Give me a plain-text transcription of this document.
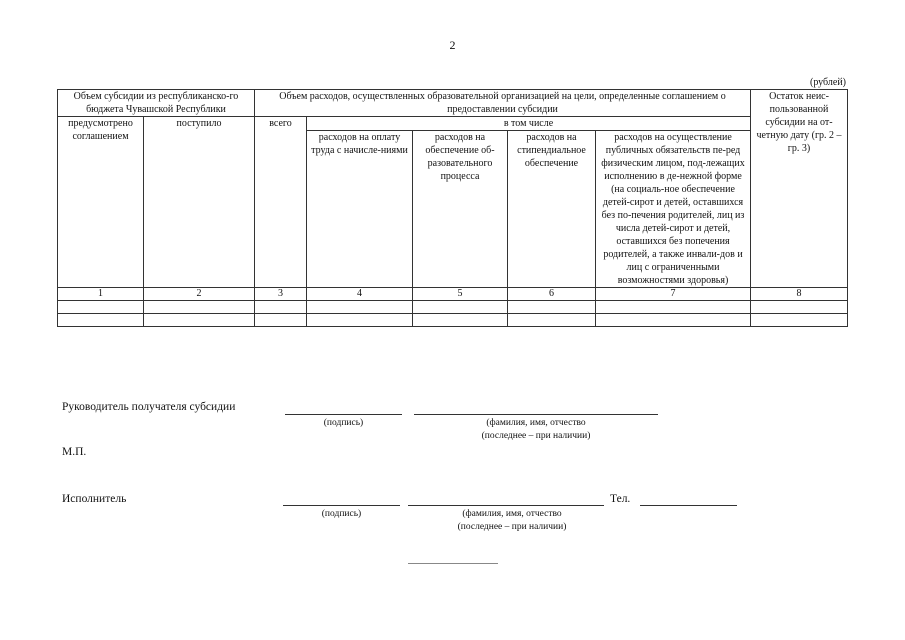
2
(рублей)
Объем субсидии из республиканско-го бюджета Чувашской Республики		Объем расходов, осуществленных образовательной организацией на цели, определенные соглашением о предоставлении субсидии					Остаток неис-пользованной субсидии на от-четную дату (гр. 2 – гр. 3)
предусмотрено соглашением	поступило	всего	в том числе				
			расходов на оплату труда с начисле-ниями	расходов на обеспечение об-разовательного процесса	расходов на стипендиальное обеспечение	расходов на осуществление публичных обязательств пе-ред физическим лицом, под-лежащих исполнению в де-нежной форме (на социаль-ное обеспечение детей-сирот и детей, оставшихся без по-печения родителей, лиц из числа детей-сирот и детей, оставшихся без попечения родителей, а также инвали-дов и лиц с ограниченными возможностями здоровья)	
1	2	3	4	5	6	7	8

Руководитель получателя субсидии
(подпись)	(фамилия, имя, отчество
(последнее – при наличии)
М.П.
Исполнитель	Тел.
(подпись)	(фамилия, имя, отчество
(последнее – при наличии)
